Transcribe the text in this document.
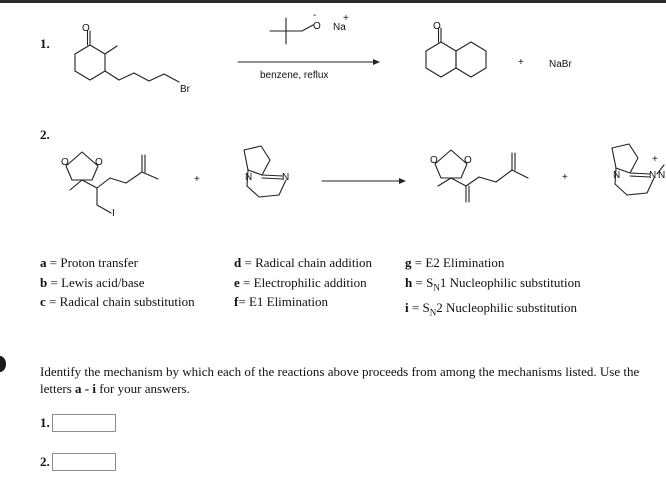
1.
2.
O
Br
O
-
Na
+
benzene, reflux
O
+	NaBr
O	O
I
+	N	N
O	O
+	N	N
+
N
a = Proton transfer
b = Lewis acid/base
c = Radical chain substitution
d = Radical chain addition
e = Electrophilic addition
f= E1 Elimination
g = E2 Elimination
$h = S_N1$ Nucleophilic substitution
$i = S_N2$ Nucleophilic substitution
Identify the mechanism by which each of the reactions above proceeds from among the mechanisms listed. Use the letters a - i for your answers.
1.
2.
